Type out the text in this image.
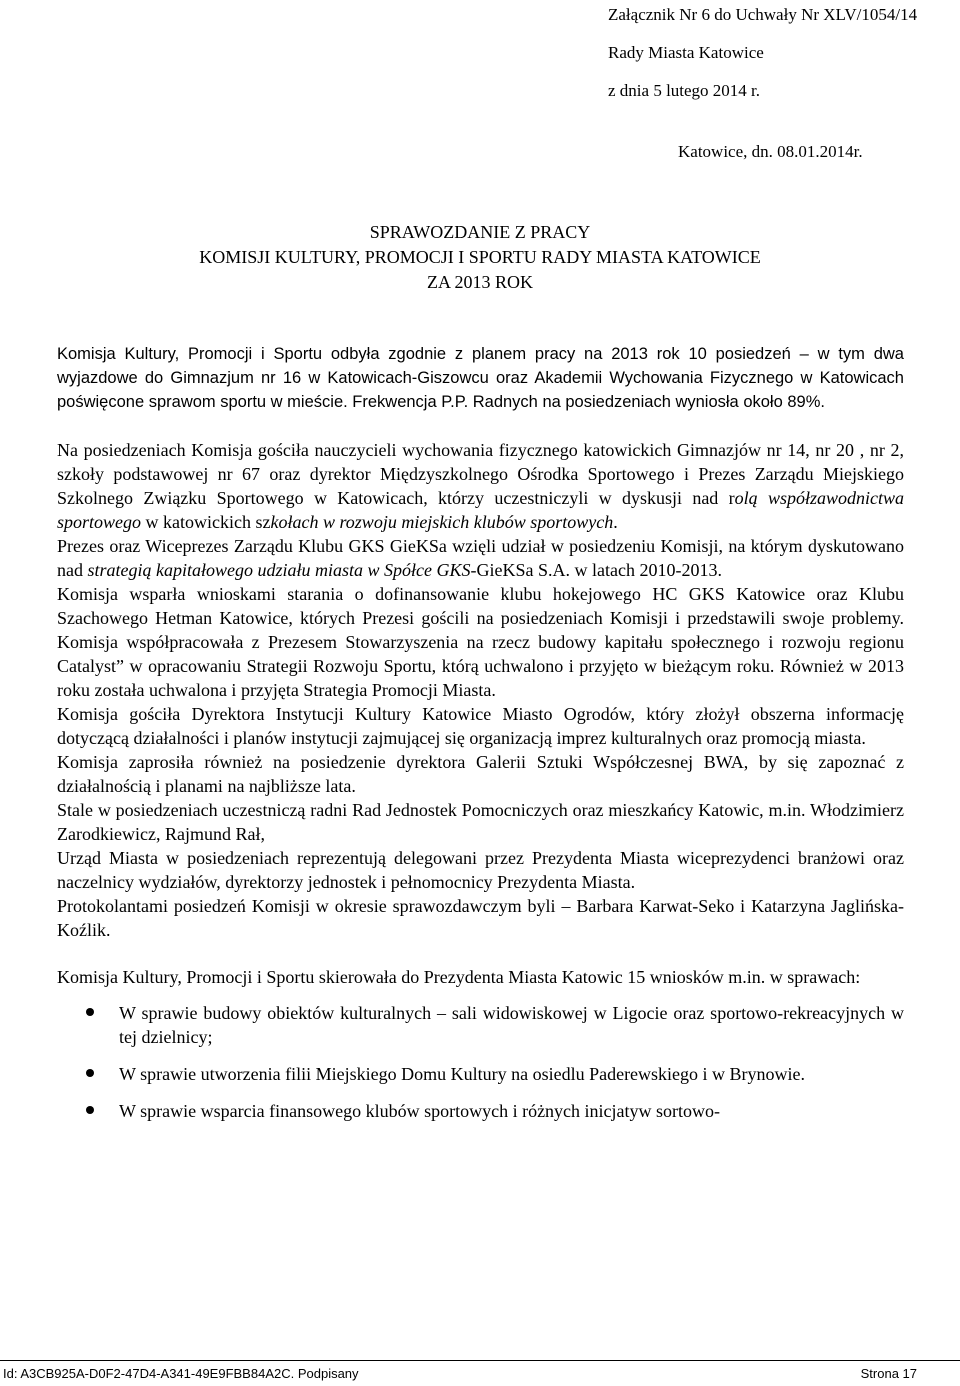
Załącznik Nr 6 do Uchwały Nr XLV/1054/14
Rady Miasta Katowice
z dnia 5 lutego 2014 r.
Katowice, dn. 08.01.2014r.
SPRAWOZDANIE Z PRACY
KOMISJI KULTURY, PROMOCJI I SPORTU RADY MIASTA KATOWICE
ZA 2013 ROK

Komisja Kultury, Promocji i Sportu odbyła zgodnie z planem pracy na 2013 rok 10 posiedzeń – w tym dwa wyjazdowe do Gimnazjum nr 16 w Katowicach-Giszowcu oraz Akademii Wychowania Fizycznego w Katowicach poświęcone sprawom sportu w mieście. Frekwencja P.P. Radnych na posiedzeniach wyniosła około 89%.

Na posiedzeniach Komisja gościła nauczycieli wychowania fizycznego katowickich Gimnazjów nr 14, nr 20 , nr 2, szkoły podstawowej nr 67 oraz dyrektor Międzyszkolnego Ośrodka Sportowego i Prezes Zarządu Miejskiego Szkolnego Związku Sportowego w Katowicach, którzy uczestniczyli w dyskusji nad rolą współzawodnictwa sportowego w katowickich szkołach w rozwoju miejskich klubów sportowych.

Prezes oraz Wiceprezes Zarządu Klubu GKS GieKSa wzięli udział w posiedzeniu Komisji, na którym dyskutowano nad strategią kapitałowego udziału miasta w Spółce GKS-GieKSa S.A. w latach 2010-2013.

Komisja wsparła wnioskami starania o dofinansowanie klubu hokejowego HC GKS Katowice oraz Klubu Szachowego Hetman Katowice, których Prezesi gościli na posiedzeniach Komisji i przedstawili swoje problemy. Komisja współpracowała z Prezesem Stowarzyszenia na rzecz budowy kapitału społecznego i rozwoju regionu Catalyst” w opracowaniu Strategii Rozwoju Sportu, którą uchwalono i przyjęto w bieżącym roku. Również w 2013 roku została uchwalona i przyjęta Strategia Promocji Miasta.

Komisja gościła Dyrektora Instytucji Kultury Katowice Miasto Ogrodów, który złożył obszerna informację dotyczącą działalności i planów instytucji zajmującej się organizacją imprez kulturalnych oraz promocją miasta.

Komisja zaprosiła również na posiedzenie dyrektora Galerii Sztuki Współczesnej BWA, by się zapoznać z działalnością i planami na najbliższe lata.

Stale w posiedzeniach uczestniczą radni Rad Jednostek Pomocniczych oraz mieszkańcy Katowic, m.in. Włodzimierz Zarodkiewicz, Rajmund Rał,

Urząd Miasta w posiedzeniach reprezentują delegowani przez Prezydenta Miasta wiceprezydenci branżowi oraz naczelnicy wydziałów, dyrektorzy jednostek i pełnomocnicy Prezydenta Miasta.

Protokolantami posiedzeń Komisji w okresie sprawozdawczym byli – Barbara Karwat-Seko i Katarzyna Jaglińska-Koźlik.

Komisja Kultury, Promocji i Sportu skierowała do Prezydenta Miasta Katowic 15 wniosków m.in. w sprawach:

W sprawie budowy obiektów kulturalnych – sali widowiskowej w Ligocie oraz sportowo-rekreacyjnych w tej dzielnicy;
W sprawie utworzenia filii Miejskiego Domu Kultury na osiedlu Paderewskiego i w Brynowie.
W sprawie wsparcia finansowego klubów sportowych i różnych inicjatyw sortowo-
Id: A3CB925A-D0F2-47D4-A341-49E9FBB84A2C. Podpisany	Strona 17
